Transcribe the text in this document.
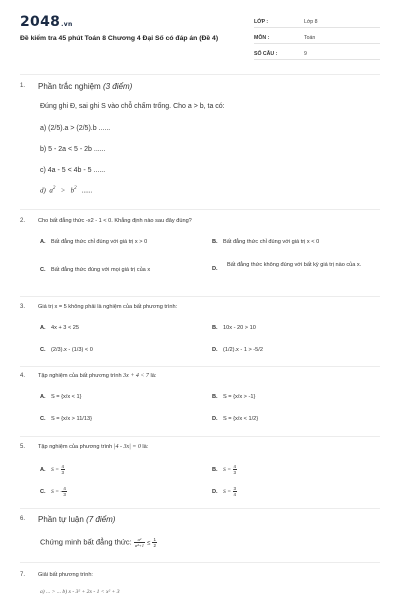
2048.vn
Đề kiểm tra 45 phút Toán 8 Chương 4 Đại Số có đáp án (Đề 4)
LỚP :	Lớp 8
MÔN :	Toán
SỐ CÂU :	9
1. Phần trắc nghiệm (3 điểm)
Đúng ghi Đ, sai ghi S vào chỗ chấm trống. Cho a > b, ta có:
a) (2/5).a > (2/5).b ......
b) 5 - 2a < 5 - 2b ......
c) 4a - 5 < 4b - 5 ......
d) $a^2 > b^2$ ......
2. Cho bất đẳng thức -x2 - 1 < 0. Khẳng định nào sau đây đúng?
A. Bất đẳng thức chỉ đúng với giá trị x > 0	B. Bất đẳng thức chỉ đúng với giá trị x < 0
C. Bất đẳng thức đúng với mọi giá trị của x	D.
Bất đẳng thức không đúng với bất kỳ giá trị nào của x.
3. Giá trị x = 5 không phải là nghiệm của bất phương trình:
A. 4x + 3 < 25	B. 10x - 20 > 10
C. (2/3).x - (1/3) < 0	D. (1/2).x - 1 > -5/2
4. Tập nghiệm của bất phương trình 3x + 4 < 7 là:
A. S = {x/x < 1}	B. S = {x/x > -1}
C. S = {x/x > 11/13}	D. S = {x/x < 1/2}
5. Tập nghiệm của phương trình |4 - 3x| = 0 là:
A. $S = \frac{4}{3}$	B. $S = \frac{4}{3}$
C. S = - $\frac{4}{3}$	D. $S = \frac{3}{4}$
6. Phần tự luận (7 điểm)
Chứng minh bất đẳng thức: $\frac{\text{a²}}{\text{a⁴+1}} \le \frac{1}{2}$
7. Giải bất phương trình:
a) ... > ... b) x - 3² + 2x - 1 < x² + 3
